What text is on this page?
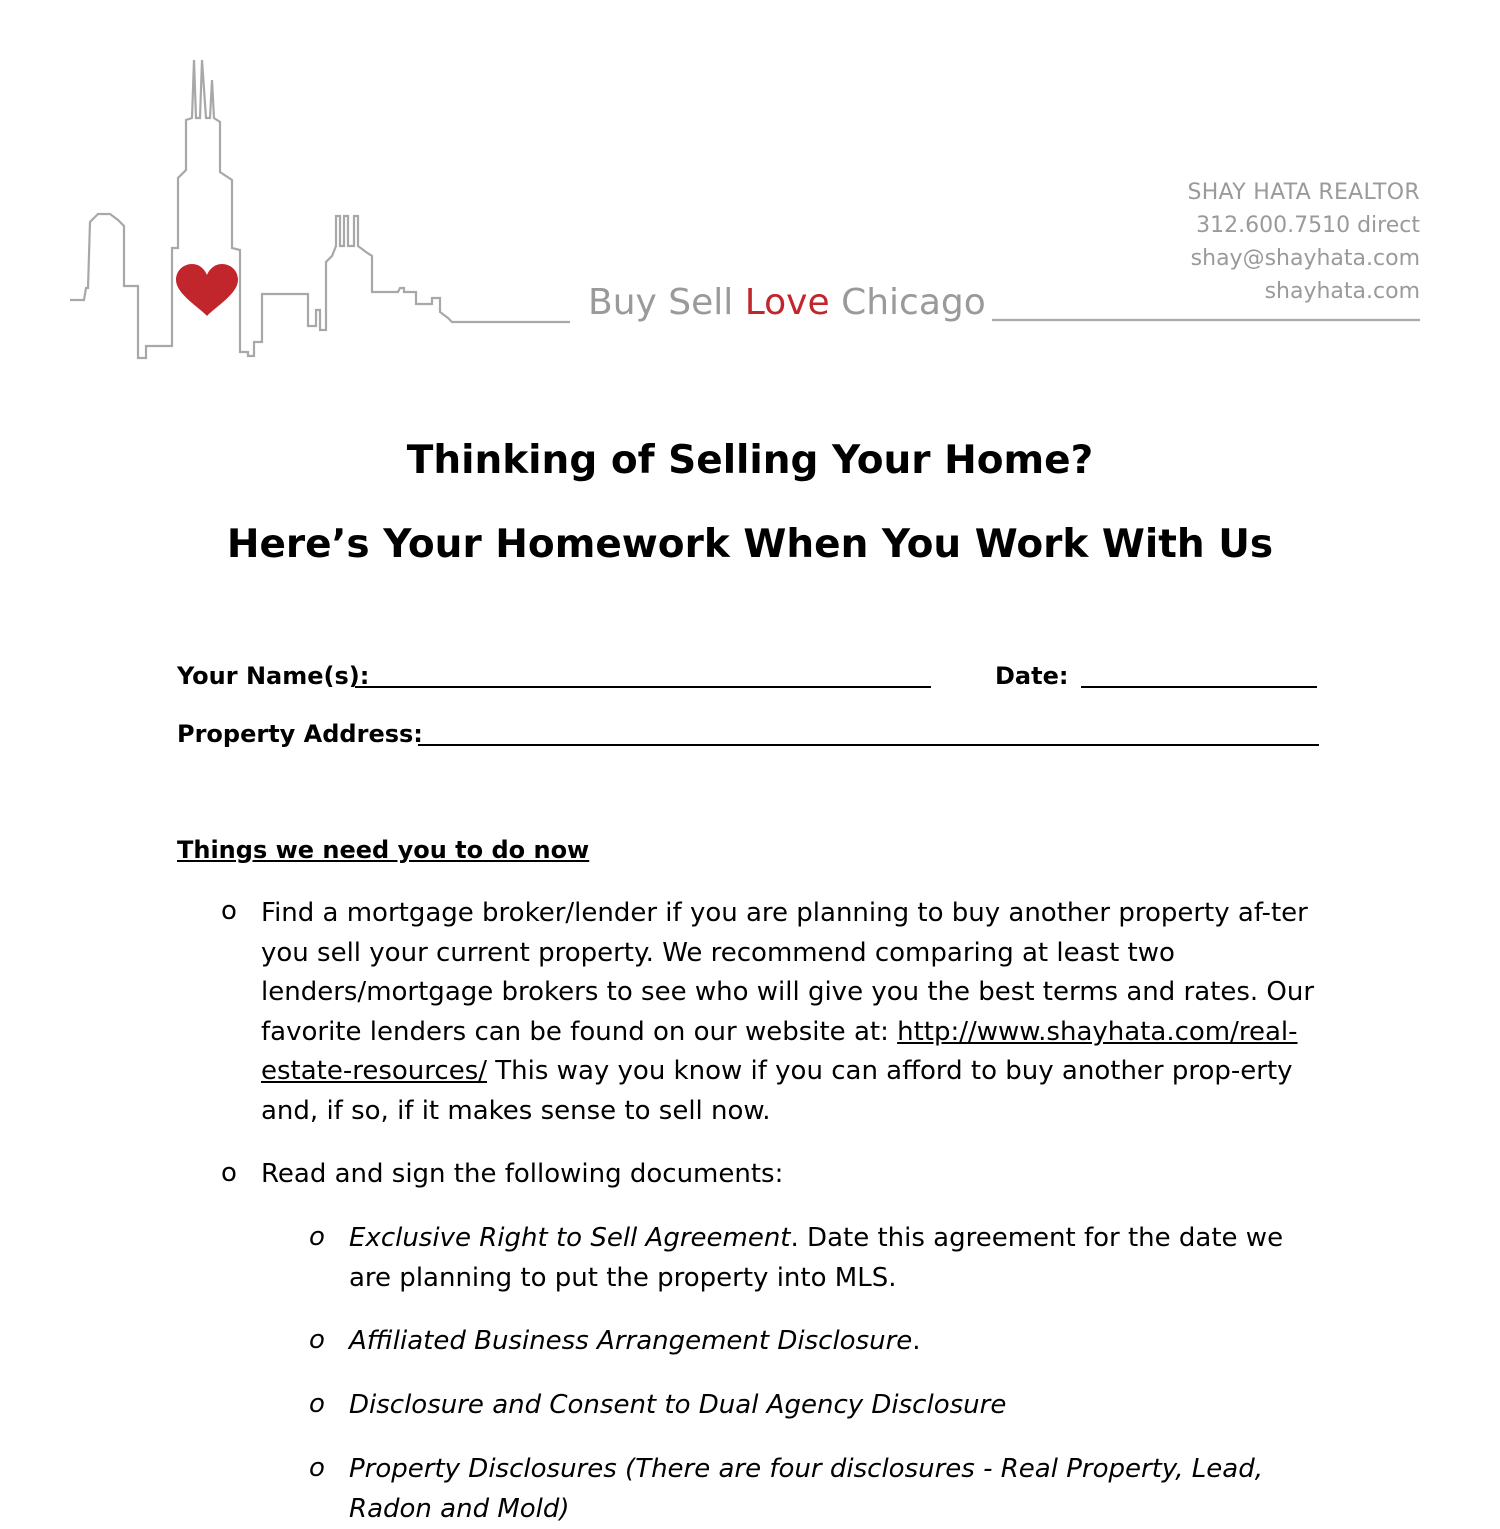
Buy Sell Love Chicago
SHAY HATA REALTOR
312.600.7510 direct
shay@shayhata.com
shayhata.com
Thinking of Selling Your Home?
Here’s Your Homework When You Work With Us
Your Name(s):	Date:
Property Address:
Things we need you to do now
o Find a mortgage broker/lender if you are planning to buy another property af-ter you sell your current property. We recommend comparing at least two lenders/mortgage brokers to see who will give you the best terms and rates. Our favorite lenders can be found on our website at: http://www.shayhata.com/real-estate-resources/ This way you know if you can afford to buy another prop-erty and, if so, if it makes sense to sell now.
o Read and sign the following documents:
o Exclusive Right to Sell Agreement. Date this agreement for the date we are planning to put the property into MLS.
o Affiliated Business Arrangement Disclosure.
o Disclosure and Consent to Dual Agency Disclosure
o Property Disclosures (There are four disclosures - Real Property, Lead, Radon and Mold)
